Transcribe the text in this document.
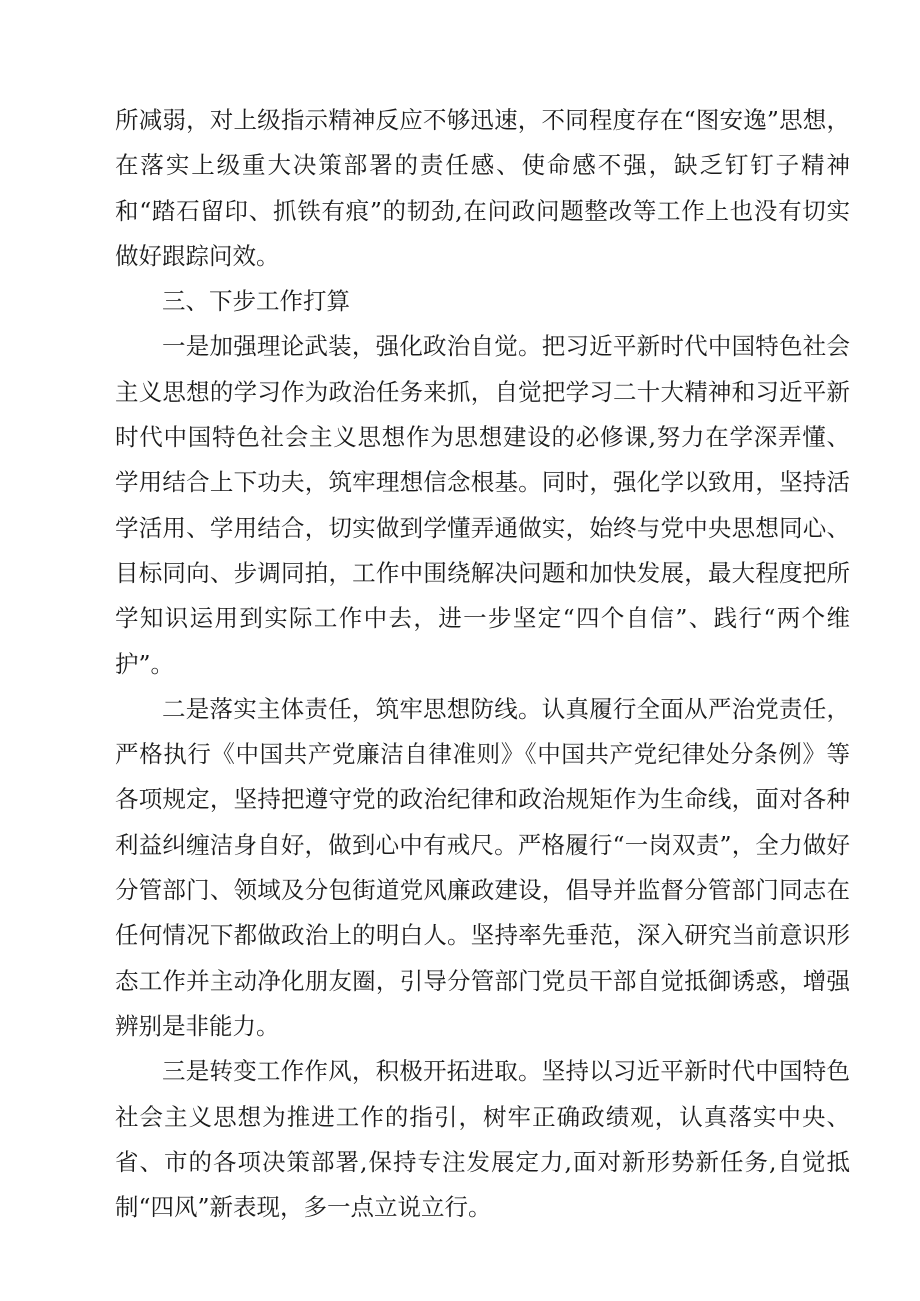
所减弱，对上级指示精神反应不够迅速，不同程度存在“图安逸”思想，在落实上级重大决策部署的责任感、使命感不强，缺乏钉钉子精神和“踏石留印、抓铁有痕”的韧劲,在问政问题整改等工作上也没有切实做好跟踪问效。

三、下步工作打算

一是加强理论武装，强化政治自觉。把习近平新时代中国特色社会主义思想的学习作为政治任务来抓，自觉把学习二十大精神和习近平新时代中国特色社会主义思想作为思想建设的必修课,努力在学深弄懂、学用结合上下功夫，筑牢理想信念根基。同时，强化学以致用，坚持活学活用、学用结合，切实做到学懂弄通做实，始终与党中央思想同心、目标同向、步调同拍，工作中围绕解决问题和加快发展，最大程度把所学知识运用到实际工作中去，进一步坚定“四个自信”、践行“两个维护”。

二是落实主体责任，筑牢思想防线。认真履行全面从严治党责任，严格执行《中国共产党廉洁自律准则》《中国共产党纪律处分条例》等各项规定，坚持把遵守党的政治纪律和政治规矩作为生命线，面对各种利益纠缠洁身自好，做到心中有戒尺。严格履行“一岗双责”，全力做好分管部门、领域及分包街道党风廉政建设，倡导并监督分管部门同志在任何情况下都做政治上的明白人。坚持率先垂范，深入研究当前意识形态工作并主动净化朋友圈，引导分管部门党员干部自觉抵御诱惑，增强辨别是非能力。

三是转变工作作风，积极开拓进取。坚持以习近平新时代中国特色社会主义思想为推进工作的指引，树牢正确政绩观，认真落实中央、省、市的各项决策部署,保持专注发展定力,面对新形势新任务,自觉抵制“四风”新表现，多一点立说立行。
